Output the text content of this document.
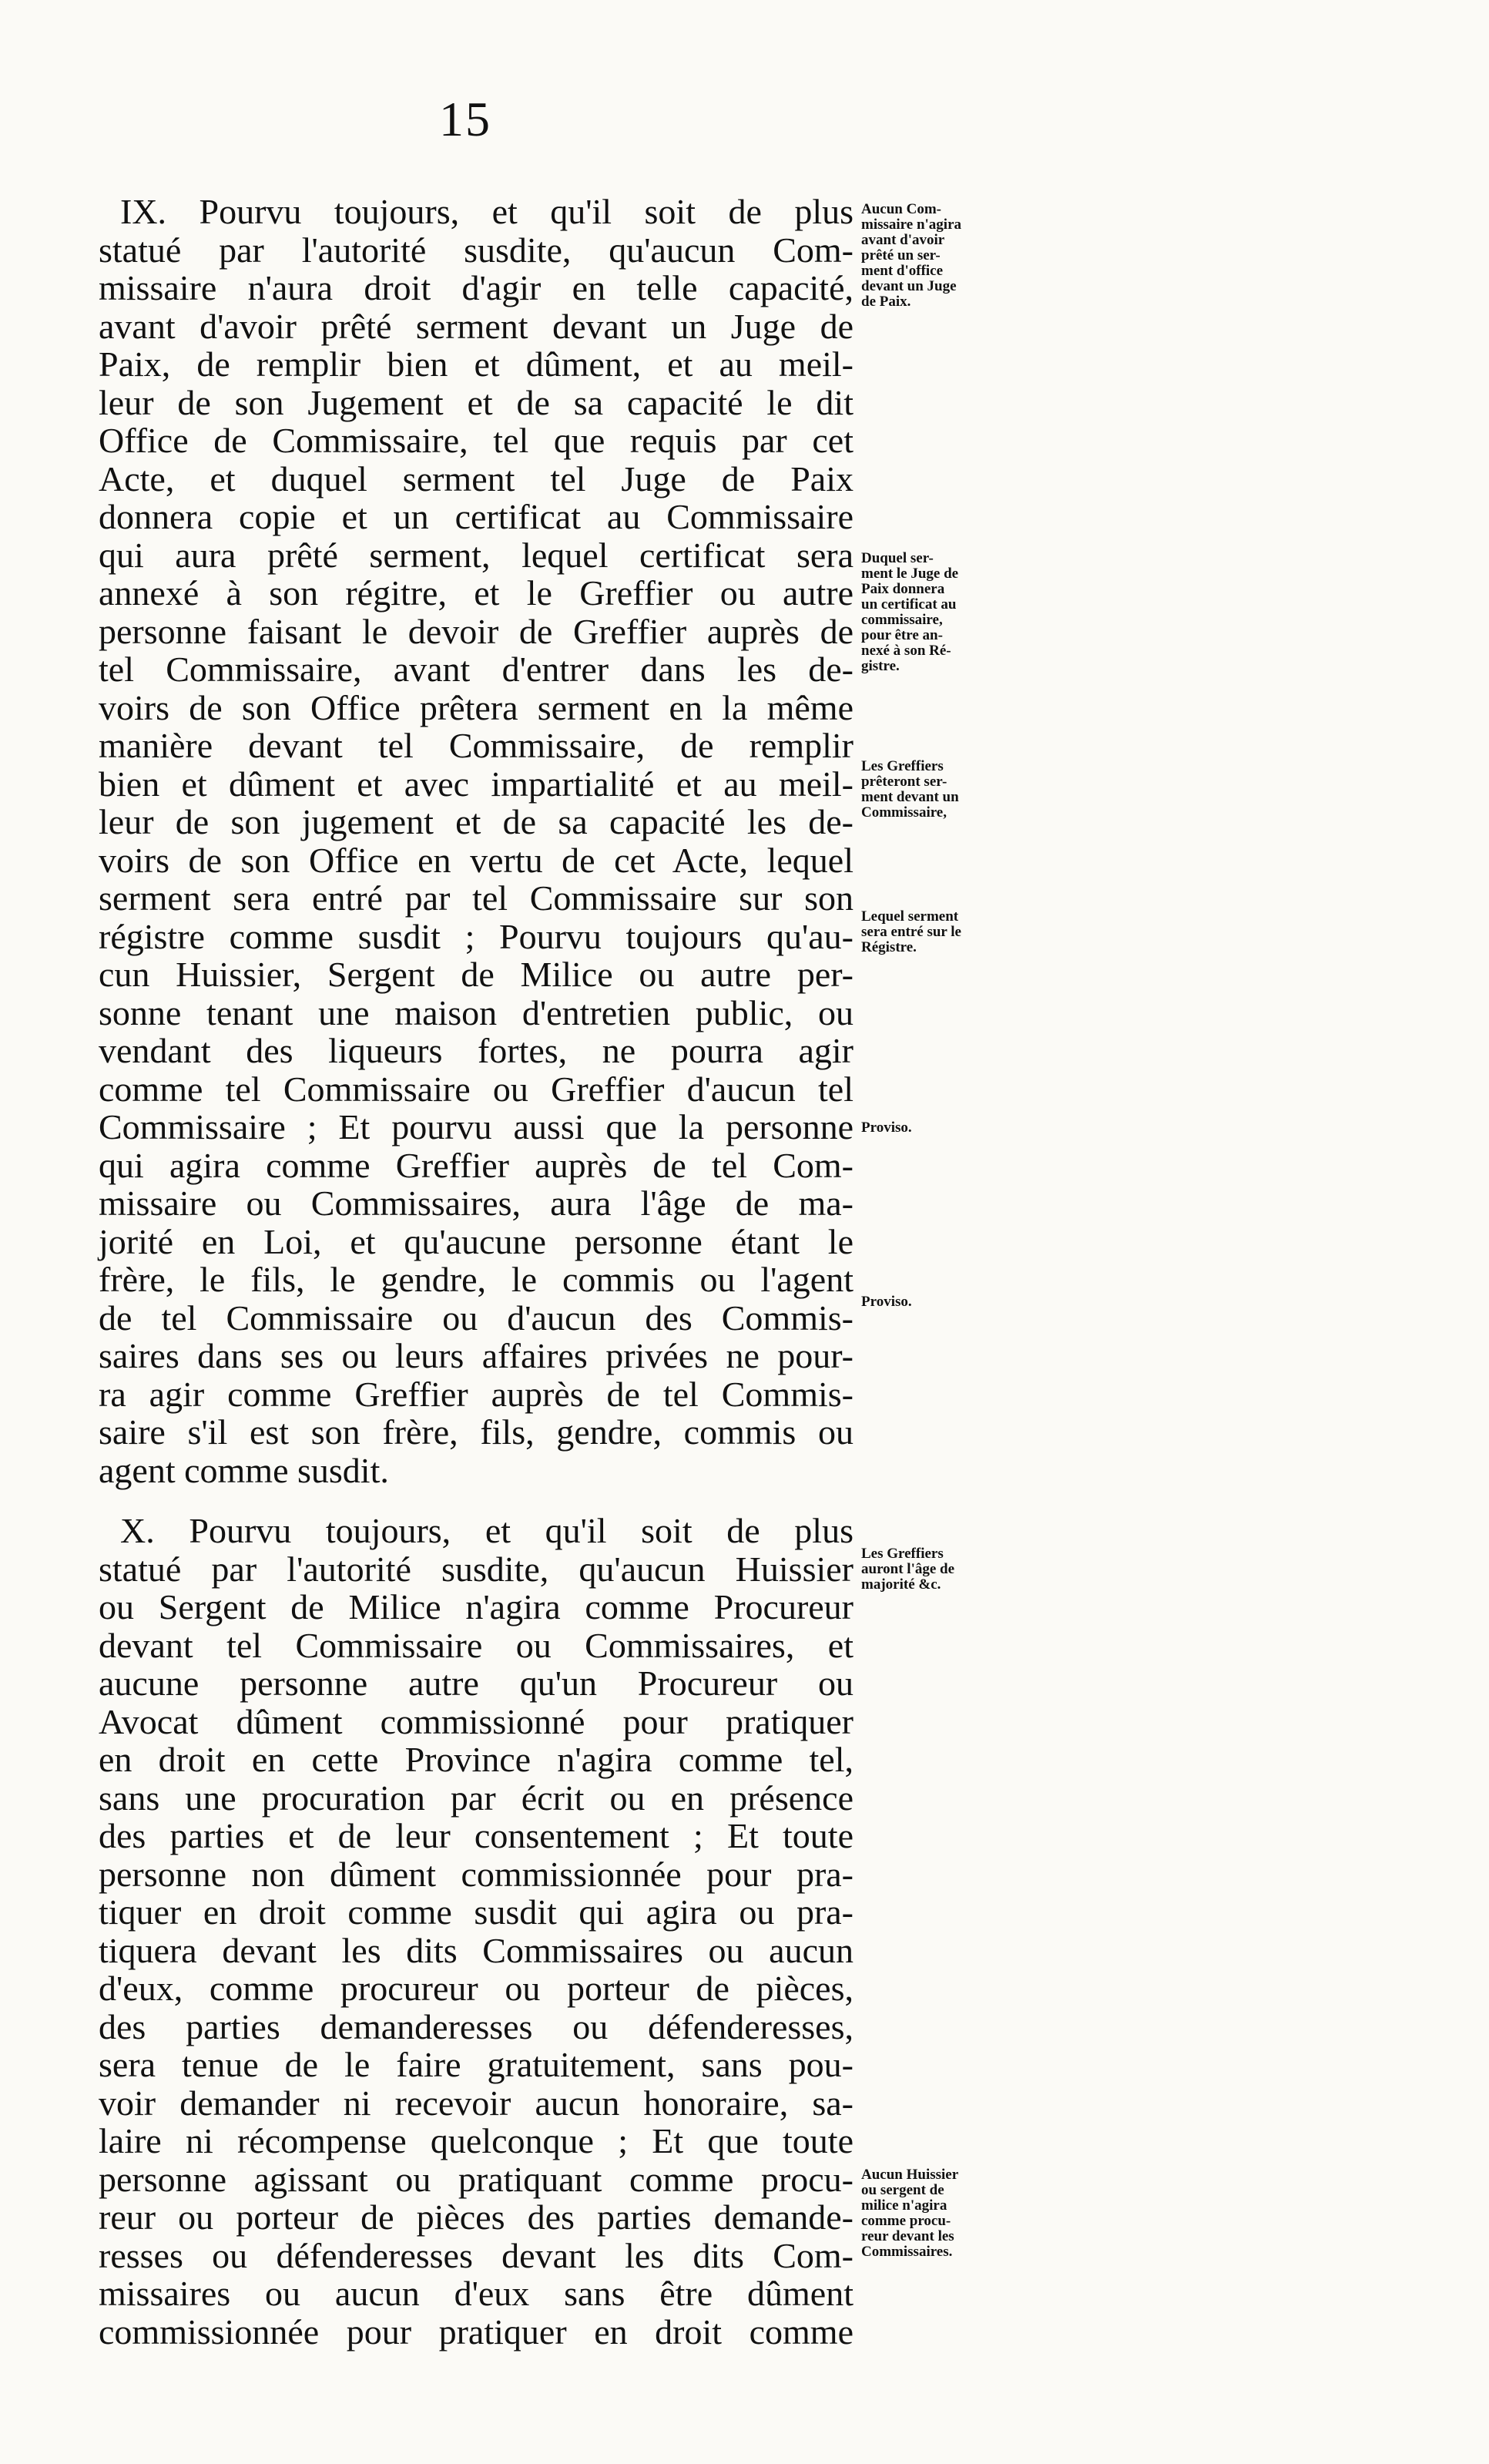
15
IX. Pourvu toujours, et qu'il soit de plus
statué par l'autorité susdite, qu'aucun Com-
missaire n'aura droit d'agir en telle capacité,
avant d'avoir prêté serment devant un Juge de
Paix, de remplir bien et dûment, et au meil-
leur de son Jugement et de sa capacité le dit
Office de Commissaire, tel que requis par cet
Acte, et duquel serment tel Juge de Paix
donnera copie et un certificat au Commissaire
qui aura prêté serment, lequel certificat sera
annexé à son régitre, et le Greffier ou autre
personne faisant le devoir de Greffier auprès de
tel Commissaire, avant d'entrer dans les de-
voirs de son Office prêtera serment en la même
manière devant tel Commissaire, de remplir
bien et dûment et avec impartialité et au meil-
leur de son jugement et de sa capacité les de-
voirs de son Office en vertu de cet Acte, lequel
serment sera entré par tel Commissaire sur son
régistre comme susdit ; Pourvu toujours qu'au-
cun Huissier, Sergent de Milice ou autre per-
sonne tenant une maison d'entretien public, ou
vendant des liqueurs fortes, ne pourra agir
comme tel Commissaire ou Greffier d'aucun tel
Commissaire ; Et pourvu aussi que la personne
qui agira comme Greffier auprès de tel Com-
missaire ou Commissaires, aura l'âge de ma-
jorité en Loi, et qu'aucune personne étant le
frère, le fils, le gendre, le commis ou l'agent
de tel Commissaire ou d'aucun des Commis-
saires dans ses ou leurs affaires privées ne pour-
ra agir comme Greffier auprès de tel Commis-
saire s'il est son frère, fils, gendre, commis ou
agent comme susdit.
X. Pourvu toujours, et qu'il soit de plus
statué par l'autorité susdite, qu'aucun Huissier
ou Sergent de Milice n'agira comme Procureur
devant tel Commissaire ou Commissaires, et
aucune personne autre qu'un Procureur ou
Avocat dûment commissionné pour pratiquer
en droit en cette Province n'agira comme tel,
sans une procuration par écrit ou en présence
des parties et de leur consentement ; Et toute
personne non dûment commissionnée pour pra-
tiquer en droit comme susdit qui agira ou pra-
tiquera devant les dits Commissaires ou aucun
d'eux, comme procureur ou porteur de pièces,
des parties demanderesses ou défenderesses,
sera tenue de le faire gratuitement, sans pou-
voir demander ni recevoir aucun honoraire, sa-
laire ni récompense quelconque ; Et que toute
personne agissant ou pratiquant comme procu-
reur ou porteur de pièces des parties demande-
resses ou défenderesses devant les dits Com-
missaires ou aucun d'eux sans être dûment
commissionnée pour pratiquer en droit comme
Aucun Com-
missaire n'agira
avant d'avoir
prêté un ser-
ment d'office
devant un Juge
de Paix.
Duquel ser-
ment le Juge de
Paix donnera
un certificat au
commissaire,
pour être an-
nexé à son Ré-
gistre.
Les Greffiers
prêteront ser-
ment devant un
Commissaire,
Lequel serment
sera entré sur le
Régistre.
Proviso.
Proviso.
Les Greffiers
auront l'âge de
majorité &c.
Aucun Huissier
ou sergent de
milice n'agira
comme procu-
reur devant les
Commissaires.
